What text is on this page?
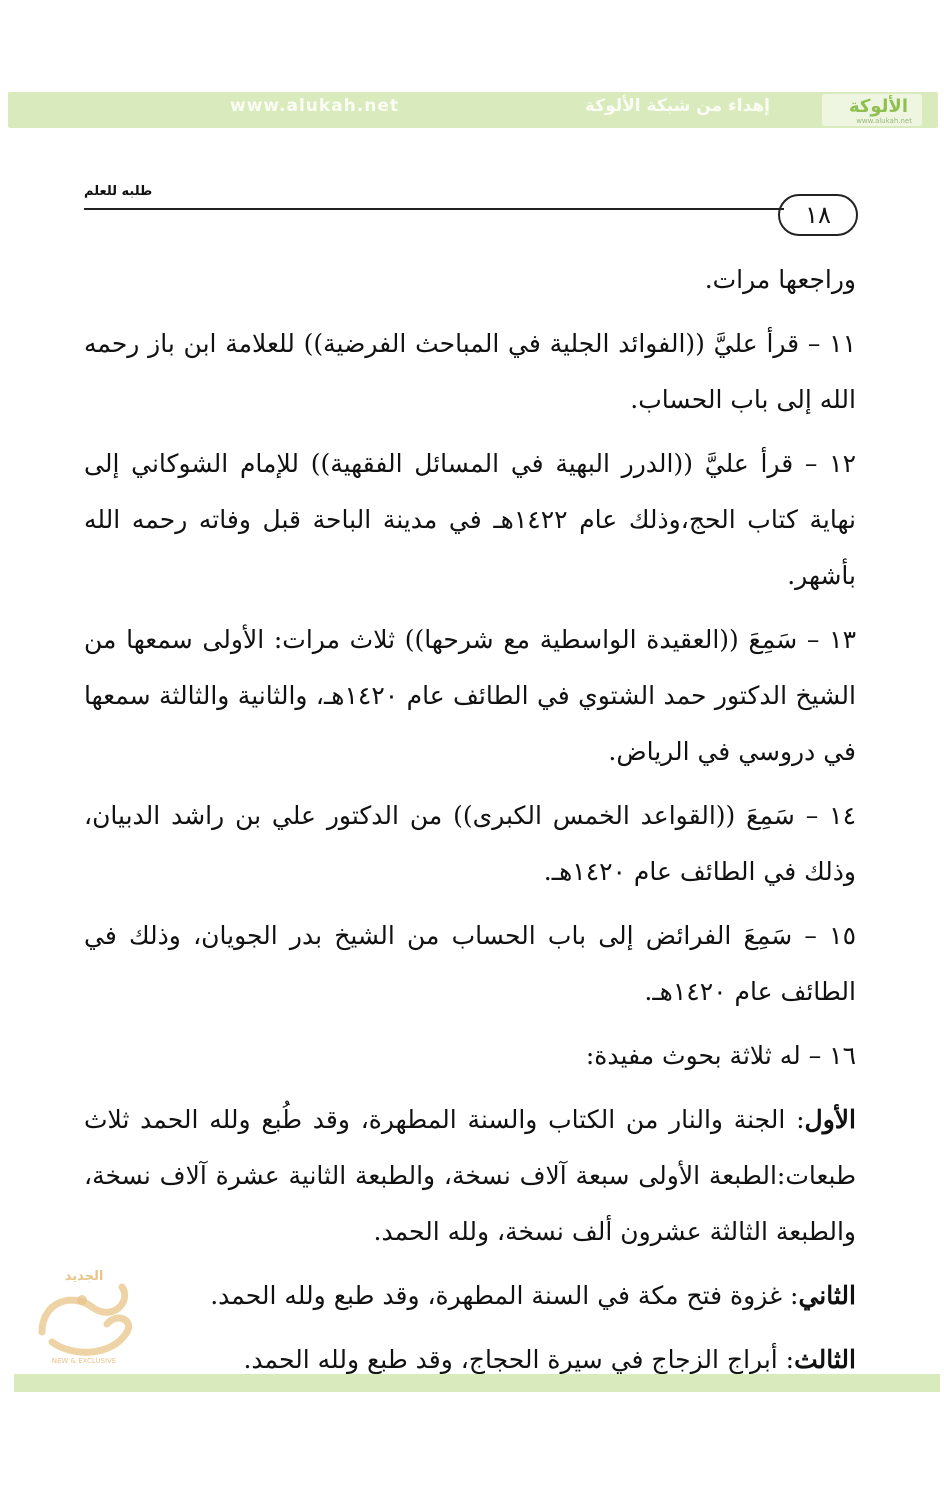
www.alukah.net	إهداء من شبكة الألوكة	الألوكة
www.alukah.net
طلبه للعلم
١٨

وراجعها مرات.

١١ – قرأ عليَّ ((الفوائد الجلية في المباحث الفرضية)) للعلامة ابن باز رحمه الله إلى باب الحساب.

١٢ – قرأ عليَّ ((الدرر البهية في المسائل الفقهية)) للإمام الشوكاني إلى نهاية كتاب الحج،وذلك عام ١٤٢٢هـ في مدينة الباحة قبل وفاته رحمه الله بأشهر.

١٣ – سَمِعَ ((العقيدة الواسطية مع شرحها)) ثلاث مرات: الأولى سمعها من الشيخ الدكتور حمد الشتوي في الطائف عام ١٤٢٠هـ، والثانية والثالثة سمعها في دروسي في الرياض.

١٤ – سَمِعَ ((القواعد الخمس الكبرى)) من الدكتور علي بن راشد الدبيان، وذلك في الطائف عام ١٤٢٠هـ.

١٥ – سَمِعَ الفرائض إلى باب الحساب من الشيخ بدر الجويان، وذلك في الطائف عام ١٤٢٠هـ.

١٦ – له ثلاثة بحوث مفيدة:

الأول: الجنة والنار من الكتاب والسنة المطهرة، وقد طُبع ولله الحمد ثلاث طبعات:الطبعة الأولى سبعة آلاف نسخة، والطبعة الثانية عشرة آلاف نسخة، والطبعة الثالثة عشرون ألف نسخة، ولله الحمد.

الثاني: غزوة فتح مكة في السنة المطهرة، وقد طبع ولله الحمد.

الثالث: أبراج الزجاج في سيرة الحجاج، وقد طبع ولله الحمد.

الجديد
NEW & EXCLUSIVE
